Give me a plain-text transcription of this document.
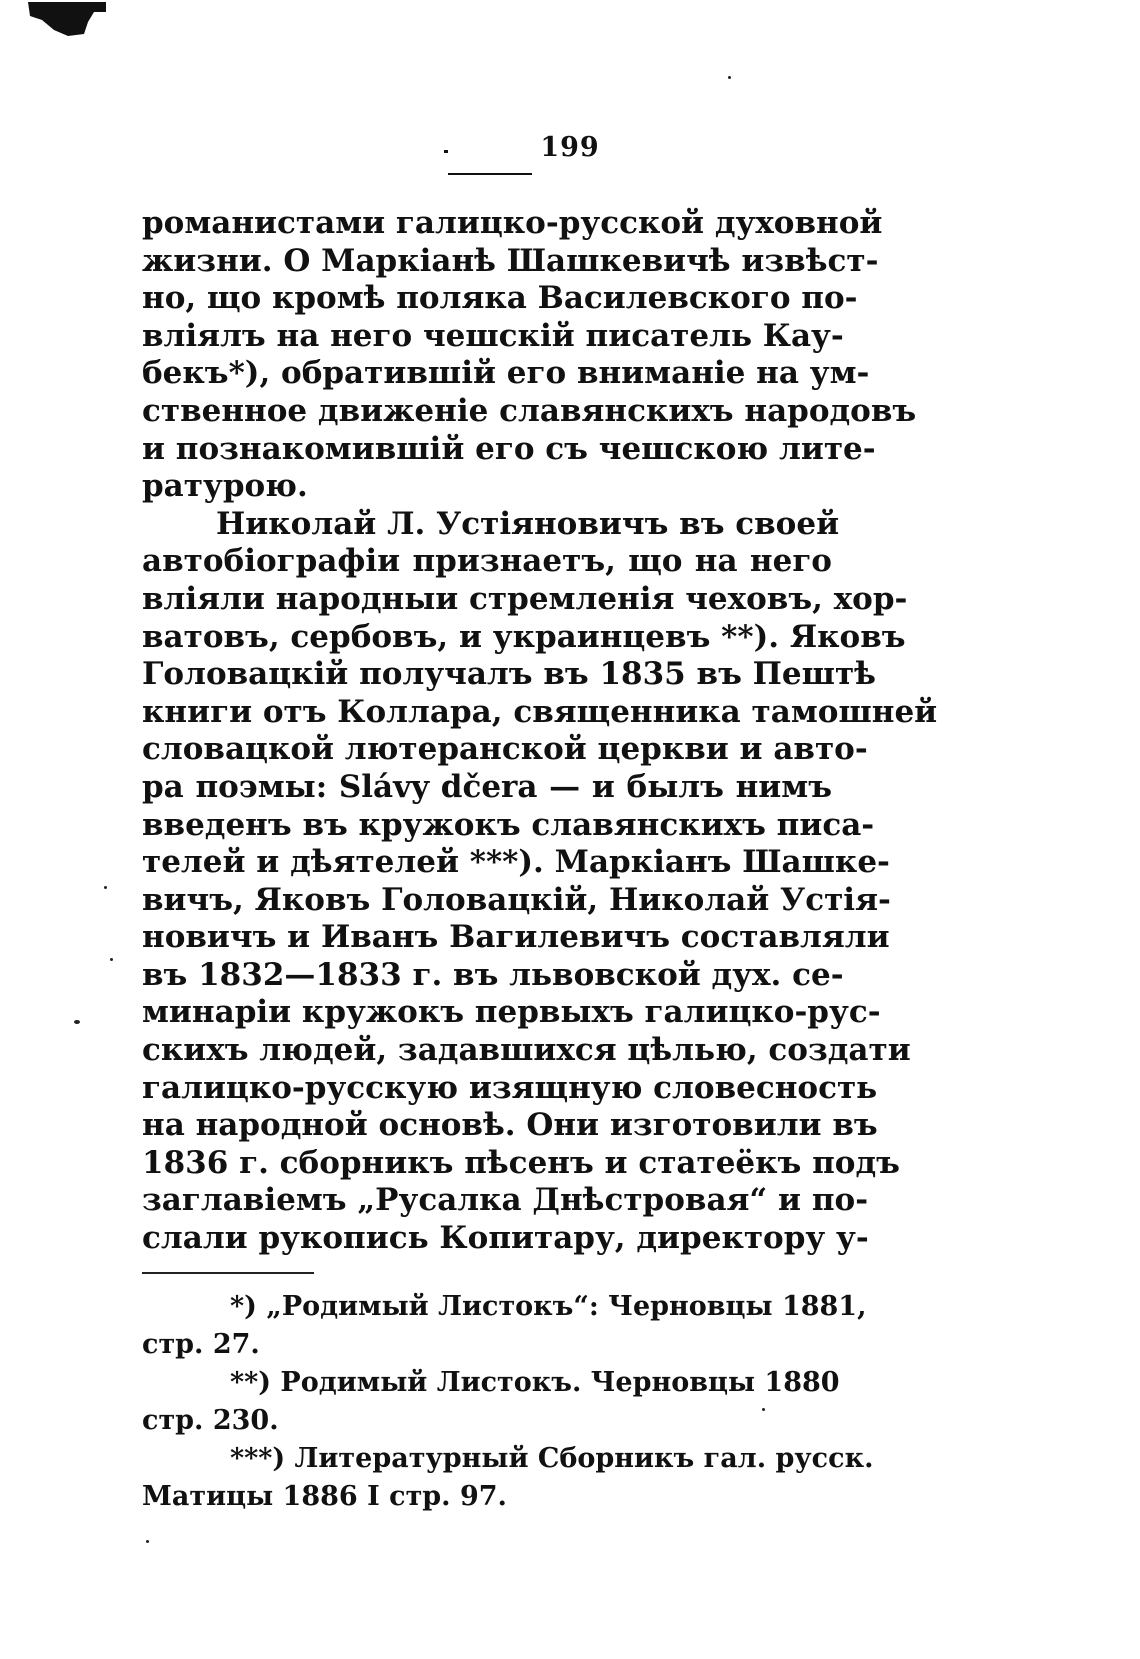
199
романистами галицко-русской духовной
жизни. О Маркіанѣ Шашкевичѣ извѣст-
но, що кромѣ поляка Василевского по-
вліялъ на него чешскій писатель Кау-
бекъ*), обратившій его вниманіе на ум-
ственное движеніе славянскихъ народовъ
и познакомившій его съ чешскою лите-
ратурою.
Николай Л. Устіяновичъ въ своей
автобіографіи признаетъ, що на него
вліяли народныи стремленія чеховъ, хор-
ватовъ, сербовъ, и украинцевъ **). Яковъ
Головацкій получалъ въ 1835 въ Пештѣ
книги отъ Коллара, священника тамошней
словацкой лютеранской церкви и авто-
ра поэмы: Slávy dčera — и былъ нимъ
введенъ въ кружокъ славянскихъ писа-
телей и дѣятелей ***). Маркіанъ Шашке-
вичъ, Яковъ Головацкій, Николай Устія-
новичъ и Иванъ Вагилевичъ составляли
въ 1832—1833 г. въ львовской дух. се-
минаріи кружокъ первыхъ галицко-рус-
скихъ людей, задавшихся цѣлью, создати
галицко-русскую изящную словесность
на народной основѣ. Они изготовили въ
1836 г. сборникъ пѣсенъ и статеёкъ подъ
заглавіемъ „Русалка Днѣстровая“ и по-
слали рукопись Копитару, директору у-
*) „Родимый Листокъ“: Черновцы 1881,
стр. 27.
**) Родимый Листокъ. Черновцы 1880
стр. 230.
***) Литературный Сборникъ гал. русск.
Матицы 1886 I стр. 97.
